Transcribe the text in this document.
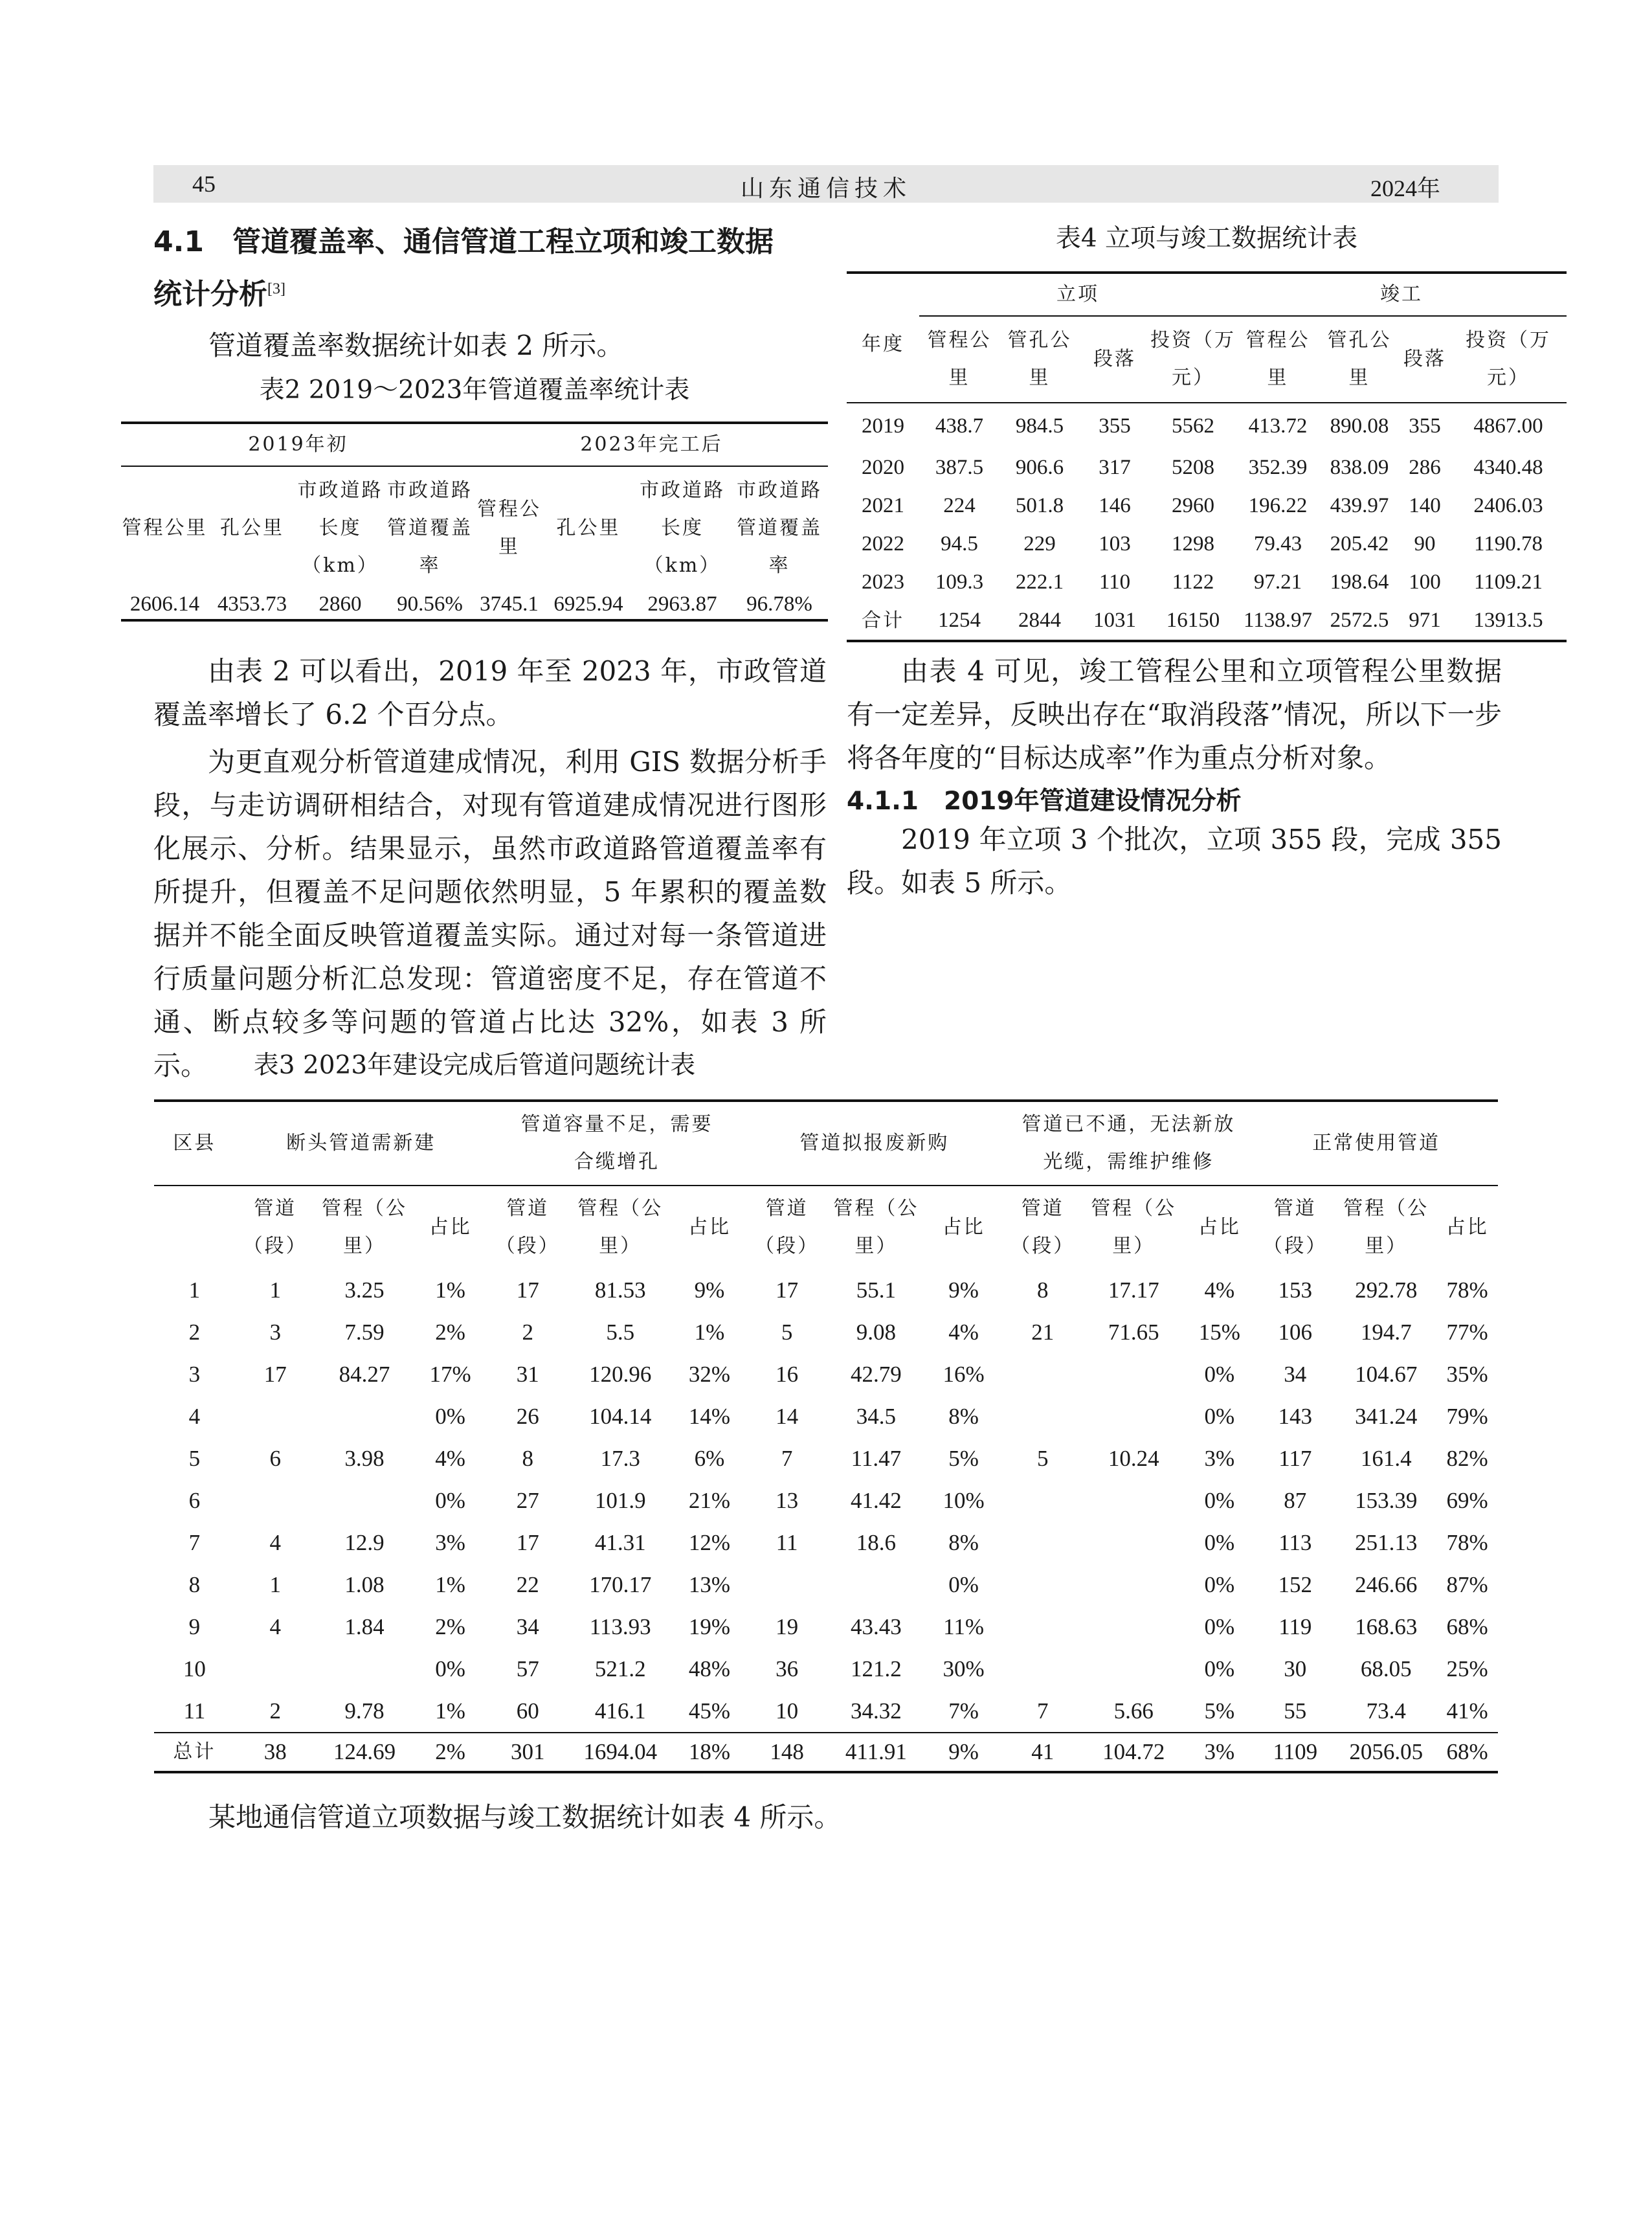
45	山东通信技术	2024年
4.1　管道覆盖率、通信管道工程立项和竣工数据
统计分析[3]
管道覆盖率数据统计如表 2 所示。
表2 2019～2023年管道覆盖率统计表
2019年初				2023年完工后			
管程公里	孔公里	市政道路长度（km）	市政道路管道覆盖率	管程公里	孔公里	市政道路长度（km）	市政道路管道覆盖率
2606.14	4353.73	2860	90.56%	3745.1	6925.94	2963.87	96.78%
由表 2 可以看出，2019 年至 2023 年，市政管道覆盖率增长了 6.2 个百分点。
为更直观分析管道建成情况，利用 GIS 数据分析手段，与走访调研相结合，对现有管道建成情况进行图形化展示、分析。结果显示，虽然市政道路管道覆盖率有所提升，但覆盖不足问题依然明显，5 年累积的覆盖数据并不能全面反映管道覆盖实际。通过对每一条管道进行质量问题分析汇总发现：管道密度不足，存在管道不通、断点较多等问题的管道占比达 32%，如表 3 所示。	表3 2023年建设完成后管道问题统计表
表4 立项与竣工数据统计表
年度	立项				竣工			
	管程公里	管孔公里	段落	投资（万元）	管程公里	管孔公里	段落	投资（万元）
2019	438.7	984.5	355	5562	413.72	890.08	355	4867.00
2020	387.5	906.6	317	5208	352.39	838.09	286	4340.48
2021	224	501.8	146	2960	196.22	439.97	140	2406.03
2022	94.5	229	103	1298	79.43	205.42	90	1190.78
2023	109.3	222.1	110	1122	97.21	198.64	100	1109.21
合计	1254	2844	1031	16150	1138.97	2572.5	971	13913.5
由表 4 可见，竣工管程公里和立项管程公里数据有一定差异，反映出存在“取消段落”情况，所以下一步将各年度的“目标达成率”作为重点分析对象。
4.1.1　2019年管道建设情况分析
2019 年立项 3 个批次，立项 355 段，完成 355 段。如表 5 所示。
区县	断头管道需新建			管道容量不足，需要合缆增孔			管道拟报废新购			管道已不通，无法新放光缆，需维护维修			正常使用管道		
	管道（段）	管程（公里）	占比	管道（段）	管程（公里）	占比	管道（段）	管程（公里）	占比	管道（段）	管程（公里）	占比	管道（段）	管程（公里）	占比
1	1	3.25	1%	17	81.53	9%	17	55.1	9%	8	17.17	4%	153	292.78	78%
2	3	7.59	2%	2	5.5	1%	5	9.08	4%	21	71.65	15%	106	194.7	77%
3	17	84.27	17%	31	120.96	32%	16	42.79	16%			0%	34	104.67	35%
4			0%	26	104.14	14%	14	34.5	8%			0%	143	341.24	79%
5	6	3.98	4%	8	17.3	6%	7	11.47	5%	5	10.24	3%	117	161.4	82%
6			0%	27	101.9	21%	13	41.42	10%			0%	87	153.39	69%
7	4	12.9	3%	17	41.31	12%	11	18.6	8%			0%	113	251.13	78%
8	1	1.08	1%	22	170.17	13%			0%			0%	152	246.66	87%
9	4	1.84	2%	34	113.93	19%	19	43.43	11%			0%	119	168.63	68%
10			0%	57	521.2	48%	36	121.2	30%			0%	30	68.05	25%
11	2	9.78	1%	60	416.1	45%	10	34.32	7%	7	5.66	5%	55	73.4	41%
总计	38	124.69	2%	301	1694.04	18%	148	411.91	9%	41	104.72	3%	1109	2056.05	68%
某地通信管道立项数据与竣工数据统计如表 4 所示。
